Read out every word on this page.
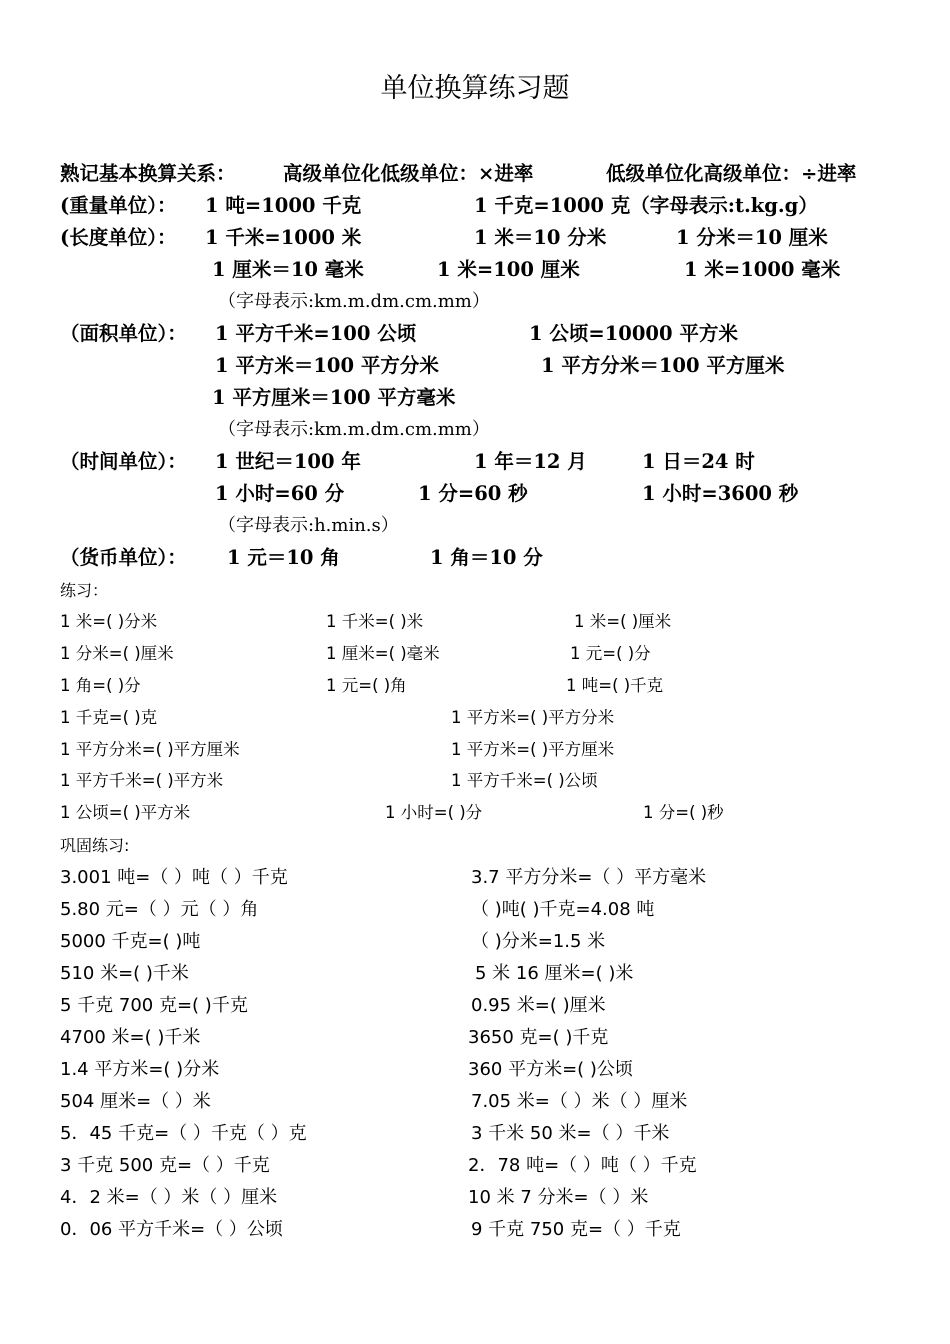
单位换算练习题
熟记基本换算关系： 高级单位化低级单位：×进率	低级单位化高级单位：÷进率
(重量单位）： 1 吨=1000 千克	1 千克=1000 克（字母表示:t.kg.g）
(长度单位）： 1 千米=1000 米	1 米＝10 分米	1 分米＝10 厘米
1 厘米＝10 毫米	1 米=100 厘米	1 米=1000 毫米
（字母表示:km.m.dm.cm.mm）
（面积单位）： 1 平方千米=100 公顷	1 公顷=10000 平方米
1 平方米＝100 平方分米	1 平方分米＝100 平方厘米
1 平方厘米＝100 平方毫米
（字母表示:km.m.dm.cm.mm）
（时间单位）： 1 世纪＝100 年	1 年＝12 月	1 日＝24 时
1 小时=60 分	1 分=60 秒	1 小时=3600 秒
（字母表示:h.min.s）
（货币单位）： 1 元＝10 角	1 角＝10 分
练习：
1 米=( )分米	1 千米=( )米	1 米=( )厘米
1 分米=( )厘米	1 厘米=( )毫米	1 元=( )分
1 角=( )分	1 元=( )角	1 吨=( )千克
1 千克=( )克	1 平方米=( )平方分米
1 平方分米=( )平方厘米	1 平方米=( )平方厘米
1 平方千米=( )平方米	1 平方千米=( )公顷
1 公顷=( )平方米	1 小时=( )分	1 分=( )秒
巩固练习:
3.001 吨=（ ）吨（ ）千克	3.7 平方分米=（ ）平方毫米
5.80 元=（ ）元（ ）角	（ )吨( )千克=4.08 吨
5000 千克=( )吨	（ )分米=1.5 米
510 米=( )千米	5 米 16 厘米=( )米
5 千克 700 克=( )千克	0.95 米=( )厘米
4700 米=( )千米	3650 克=( )千克
1.4 平方米=( )分米	360 平方米=( )公顷
504 厘米=（ ）米	7.05 米=（ ）米（ ）厘米
5．45 千克=（ ）千克（ ）克	3 千米 50 米=（ ）千米
3 千克 500 克=（ ）千克	2．78 吨=（ ）吨（ ）千克
4．2 米=（ ）米（ ）厘米	10 米 7 分米=（ ）米
0．06 平方千米=（ ）公顷	9 千克 750 克=（ ）千克
